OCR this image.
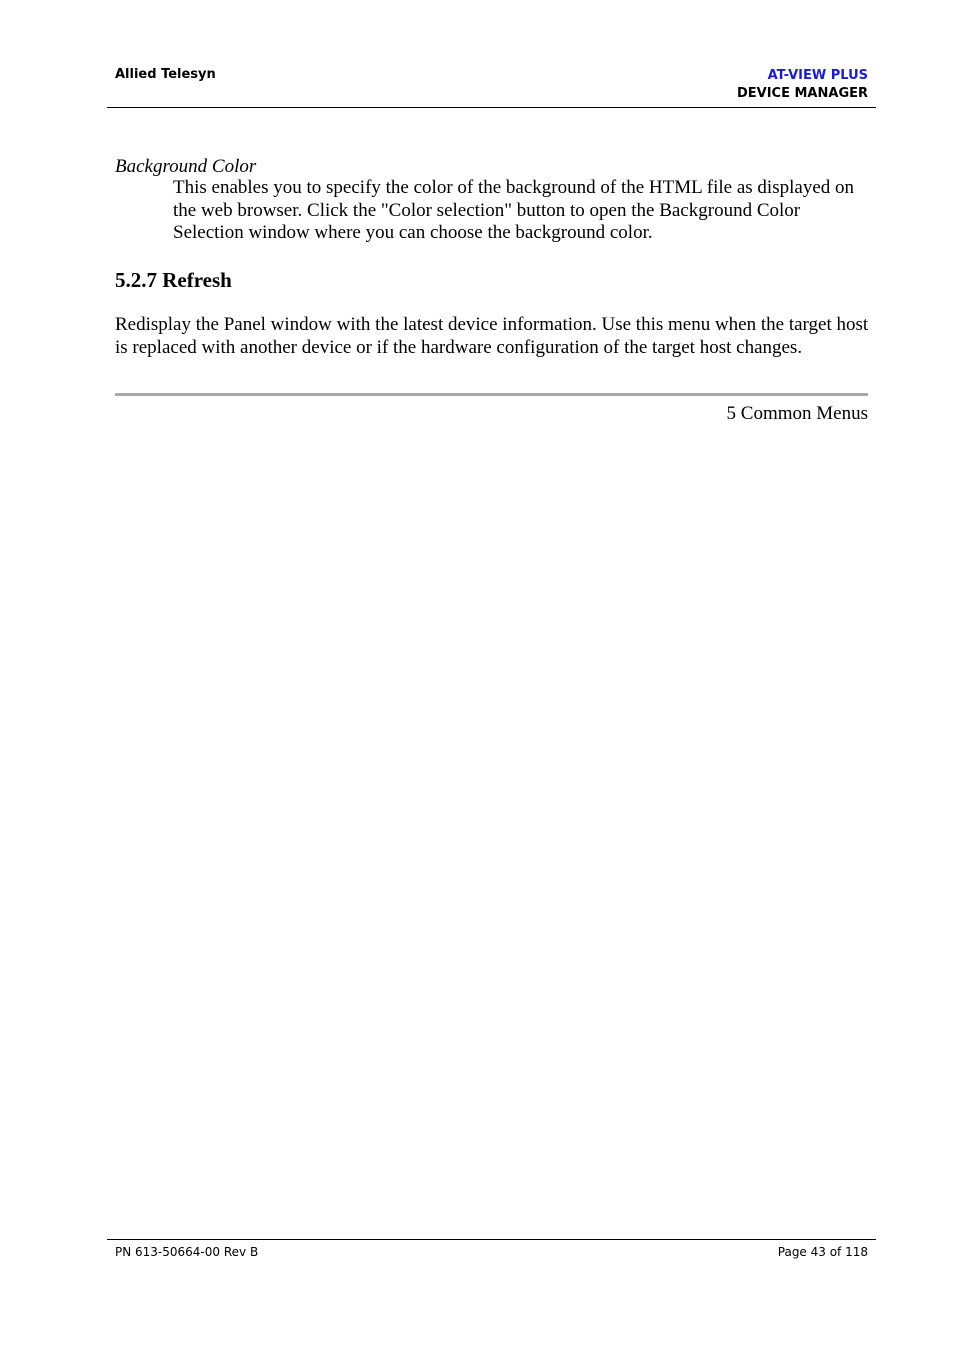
Allied Telesyn	AT-VIEW PLUS
DEVICE MANAGER
Background Color
This enables you to specify the color of the background of the HTML file as displayed on the web browser. Click the "Color selection" button to open the Background Color Selection window where you can choose the background color.
5.2.7 Refresh
Redisplay the Panel window with the latest device information. Use this menu when the target host is replaced with another device or if the hardware configuration of the target host changes.
5 Common Menus
PN 613-50664-00 Rev B	Page 43 of 118
